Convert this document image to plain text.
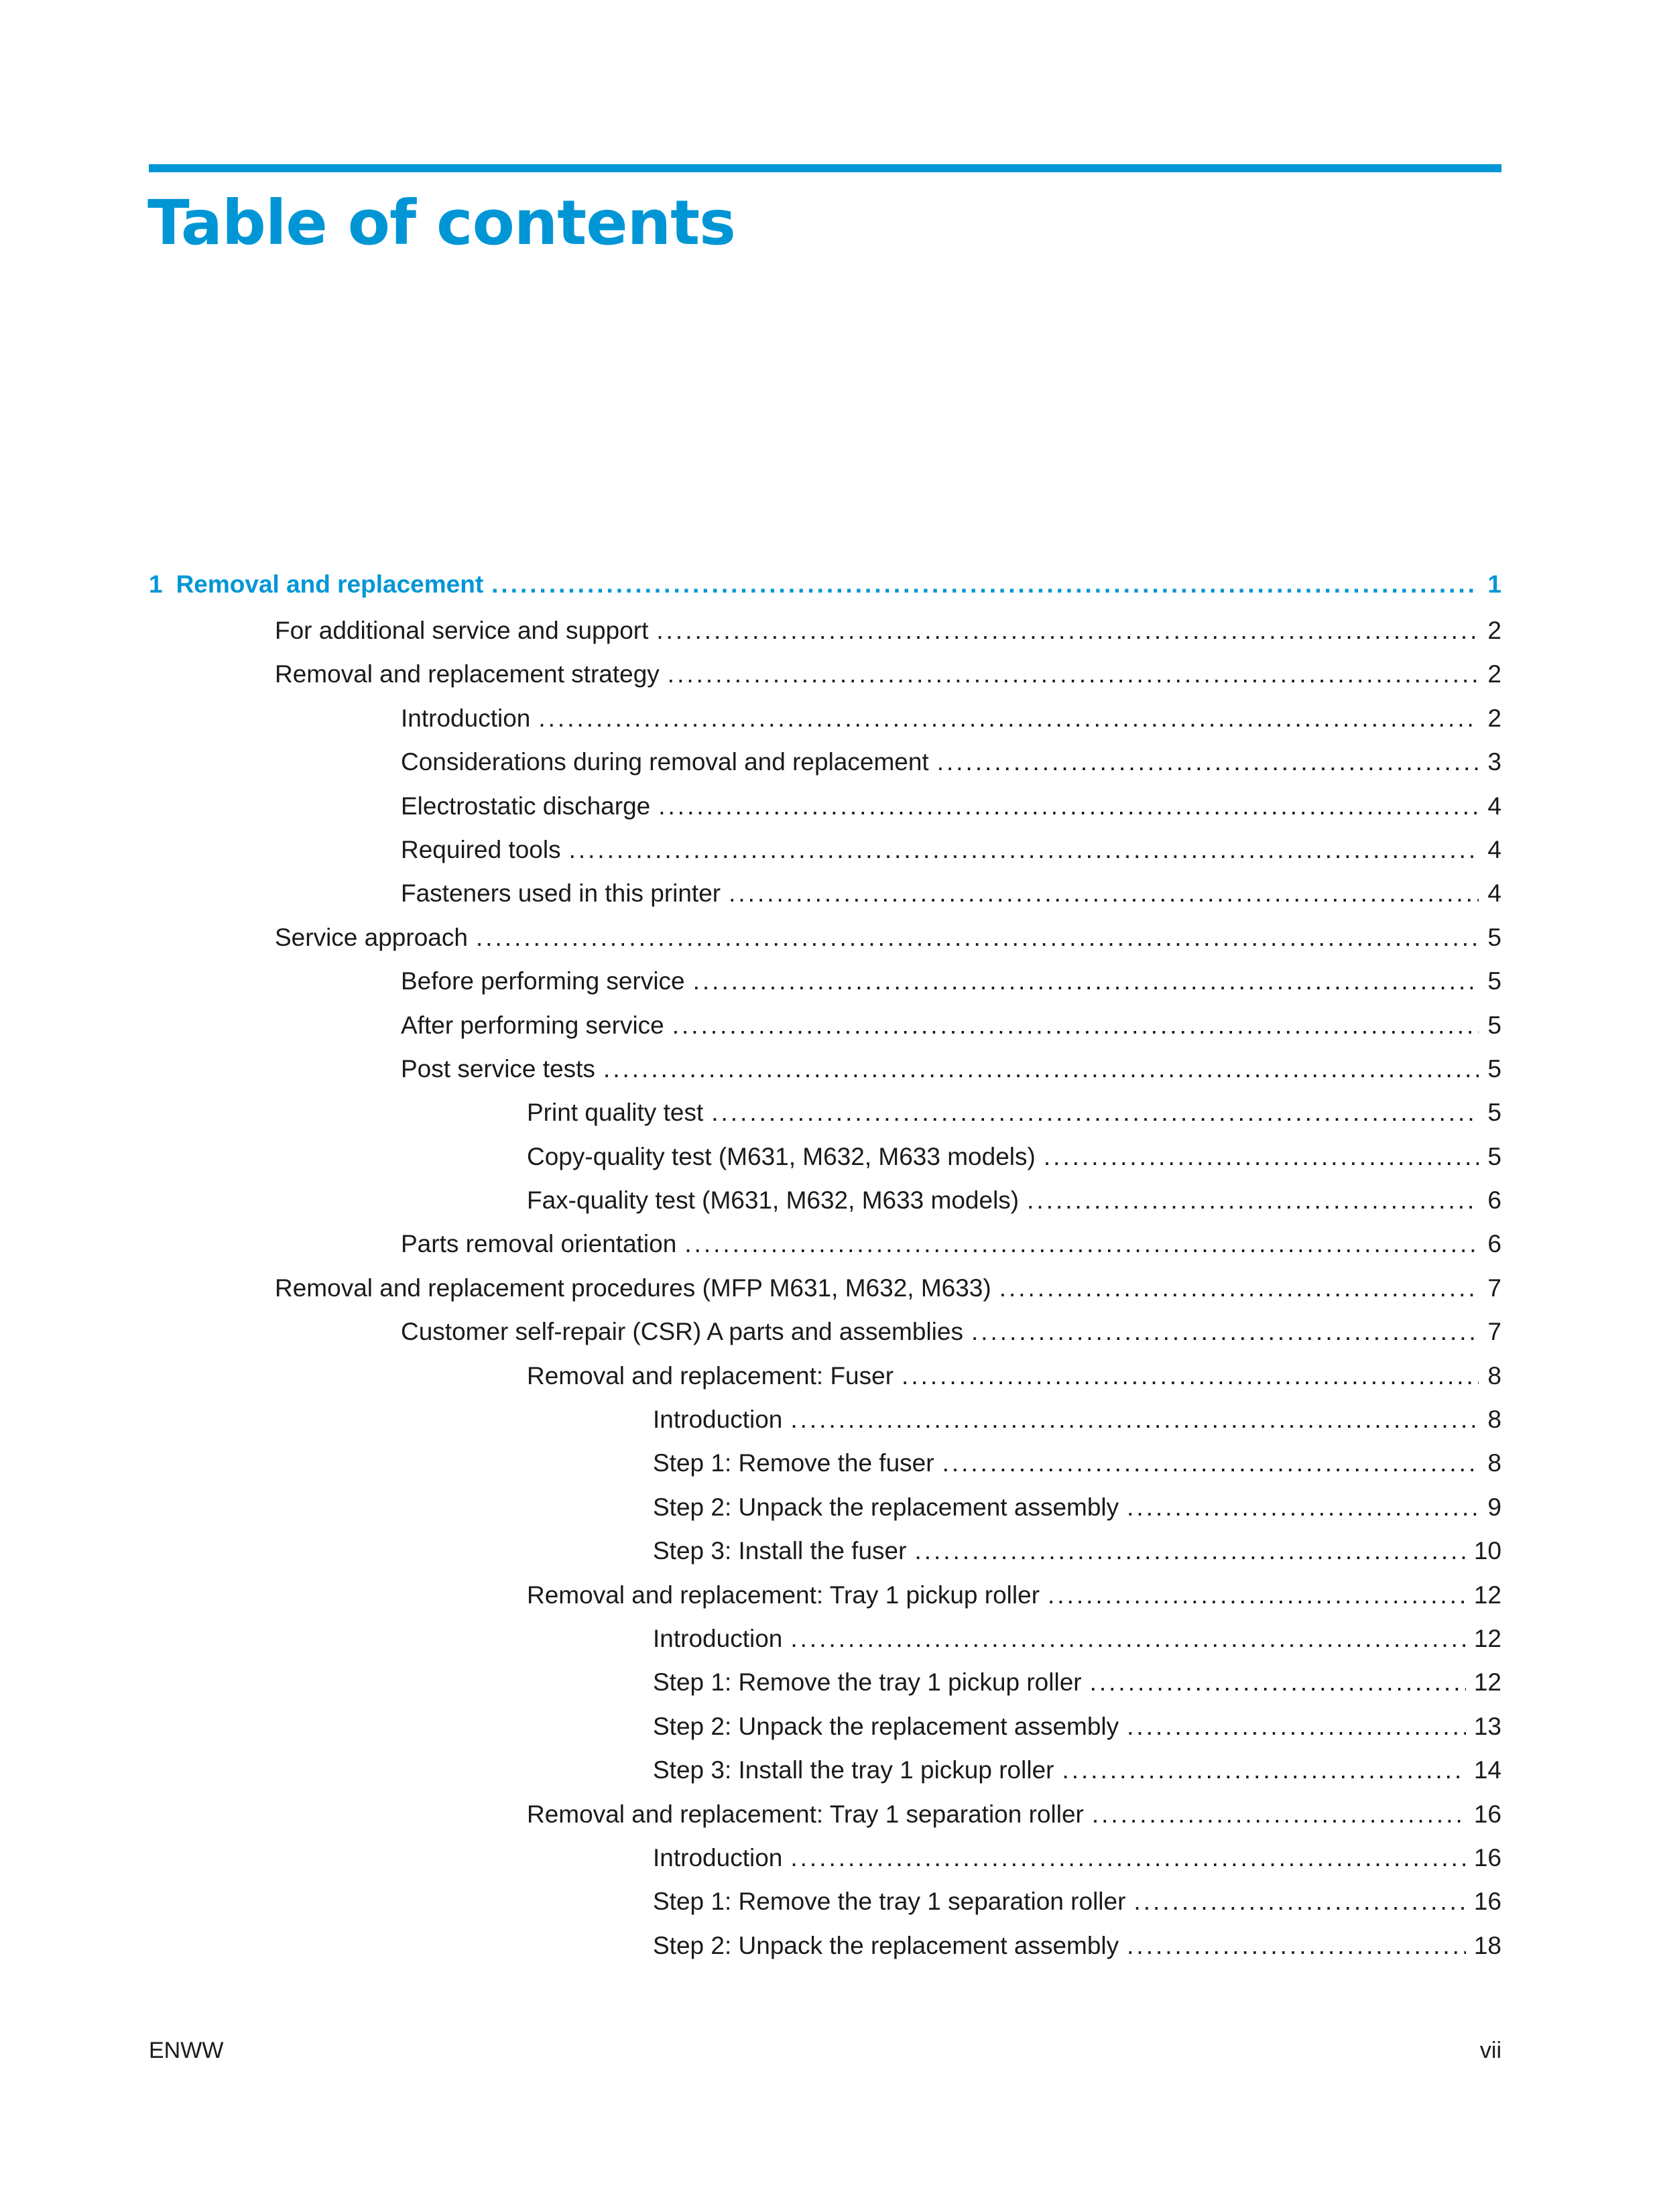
Table of contents
1 Removal and replacement .....	1
For additional service and support .....	2
Removal and replacement strategy .....	2
Introduction .....	2
Considerations during removal and replacement .....	3
Electrostatic discharge .....	4
Required tools .....	4
Fasteners used in this printer .....	4
Service approach .....	5
Before performing service .....	5
After performing service .....	5
Post service tests .....	5
Print quality test .....	5
Copy-quality test (M631, M632, M633 models) .....	5
Fax-quality test (M631, M632, M633 models) .....	6
Parts removal orientation .....	6
Removal and replacement procedures (MFP M631, M632, M633) .....	7
Customer self-repair (CSR) A parts and assemblies .....	7
Removal and replacement: Fuser .....	8
Introduction .....	8
Step 1: Remove the fuser .....	8
Step 2: Unpack the replacement assembly .....	9
Step 3: Install the fuser .....	10
Removal and replacement: Tray 1 pickup roller .....	12
Introduction .....	12
Step 1: Remove the tray 1 pickup roller .....	12
Step 2: Unpack the replacement assembly .....	13
Step 3: Install the tray 1 pickup roller .....	14
Removal and replacement: Tray 1 separation roller .....	16
Introduction .....	16
Step 1: Remove the tray 1 separation roller .....	16
Step 2: Unpack the replacement assembly .....	18
ENWW	vii
